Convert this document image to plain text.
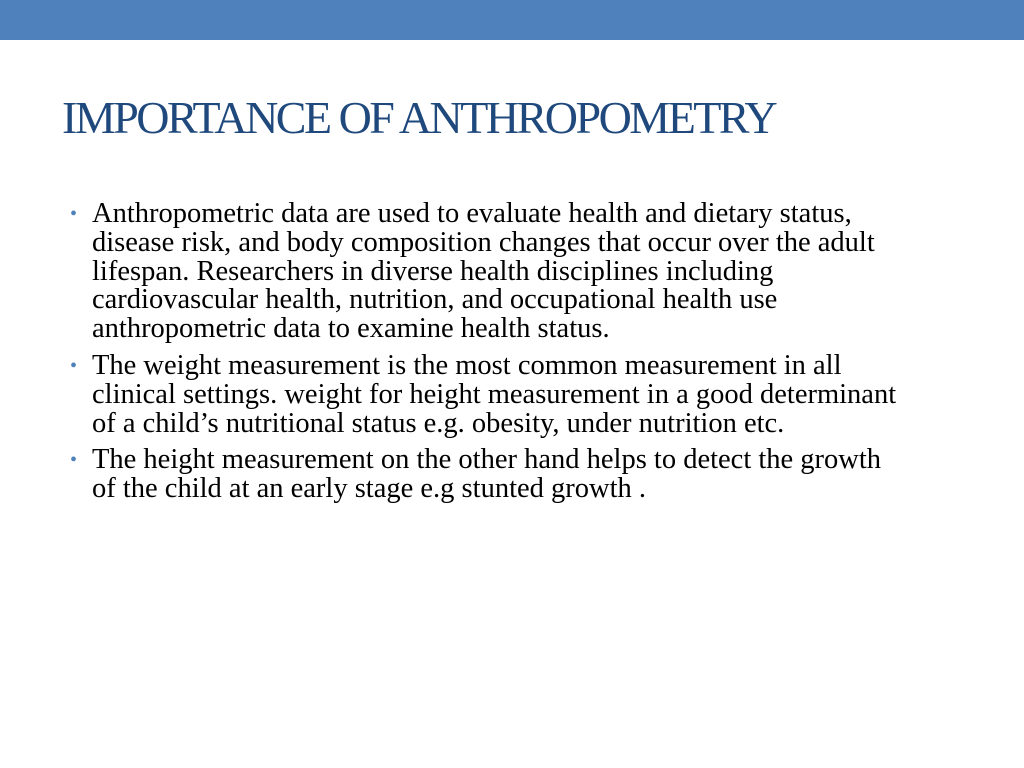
IMPORTANCE OF ANTHROPOMETRY
• Anthropometric data are used to evaluate health and dietary status, disease risk, and body composition changes that occur over the adult lifespan. Researchers in diverse health disciplines including cardiovascular health, nutrition, and occupational health use anthropometric data to examine health status.
• The weight measurement is the most common measurement in all clinical settings. weight for height measurement in a good determinant of a child’s nutritional status e.g. obesity, under nutrition etc.
• The height measurement on the other hand helps to detect the growth of the child at an early stage e.g stunted growth .
